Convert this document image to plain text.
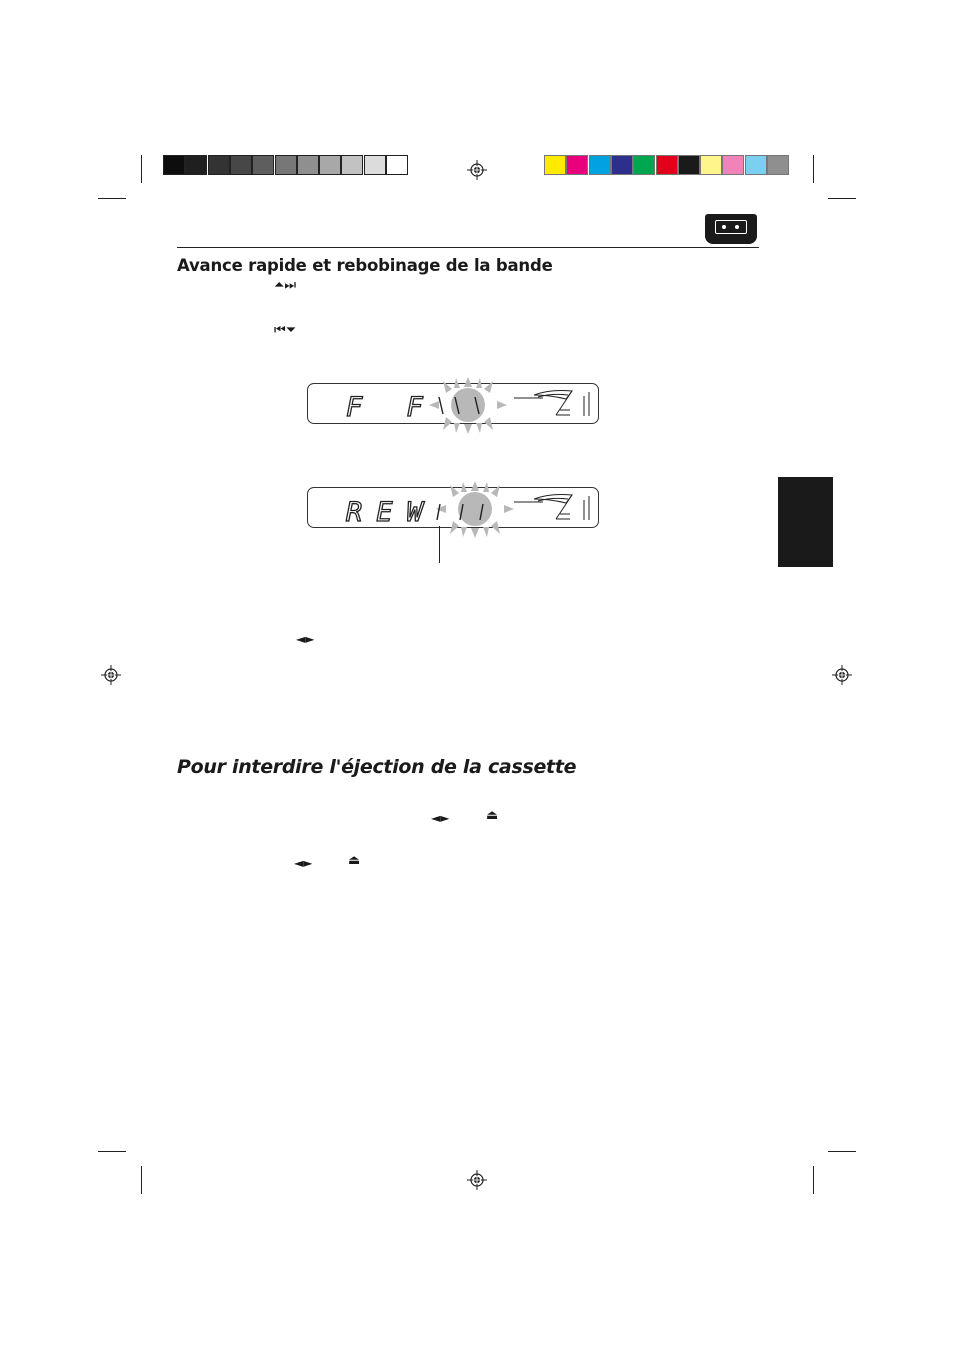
Avance rapide et rebobinage de la bande
⏶⏭
⏮⏷
F F
REW
◄►
Pour interdire l'éjection de la cassette
◄►	⏏
◄►	⏏
